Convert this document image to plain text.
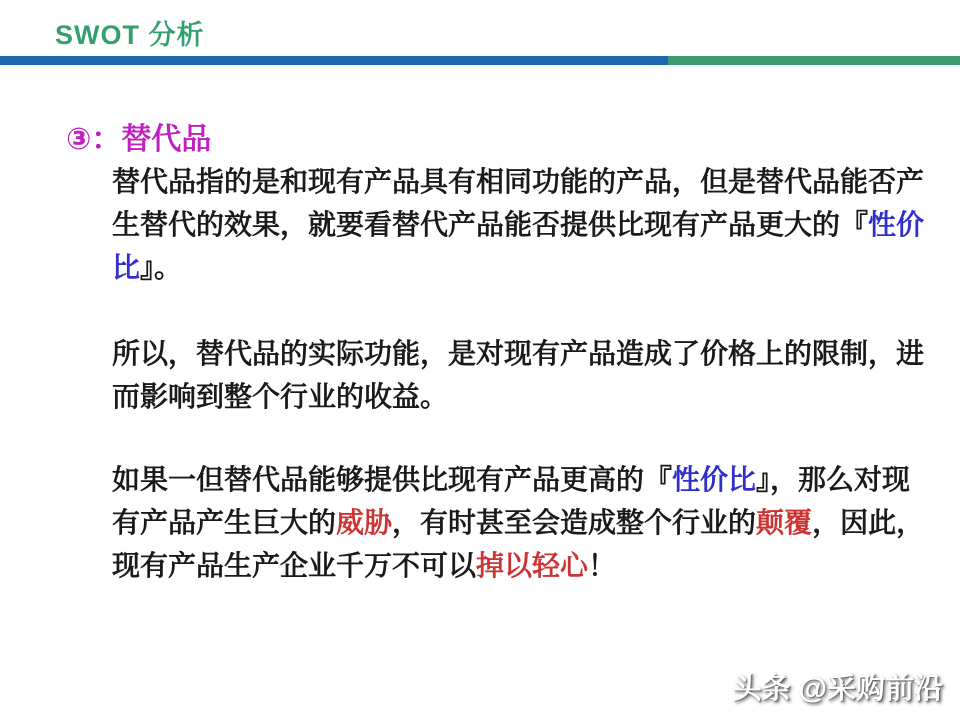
SWOT 分析
③：替代品
替代品指的是和现有产品具有相同功能的产品，但是替代品能否产
生替代的效果，就要看替代产品能否提供比现有产品更大的『性价
比』。
所以，替代品的实际功能，是对现有产品造成了价格上的限制，进
而影响到整个行业的收益。
如果一但替代品能够提供比现有产品更高的『性价比』，那么对现
有产品产生巨大的威胁，有时甚至会造成整个行业的颠覆，因此，
现有产品生产企业千万不可以掉以轻心！
头条 @采购前沿
